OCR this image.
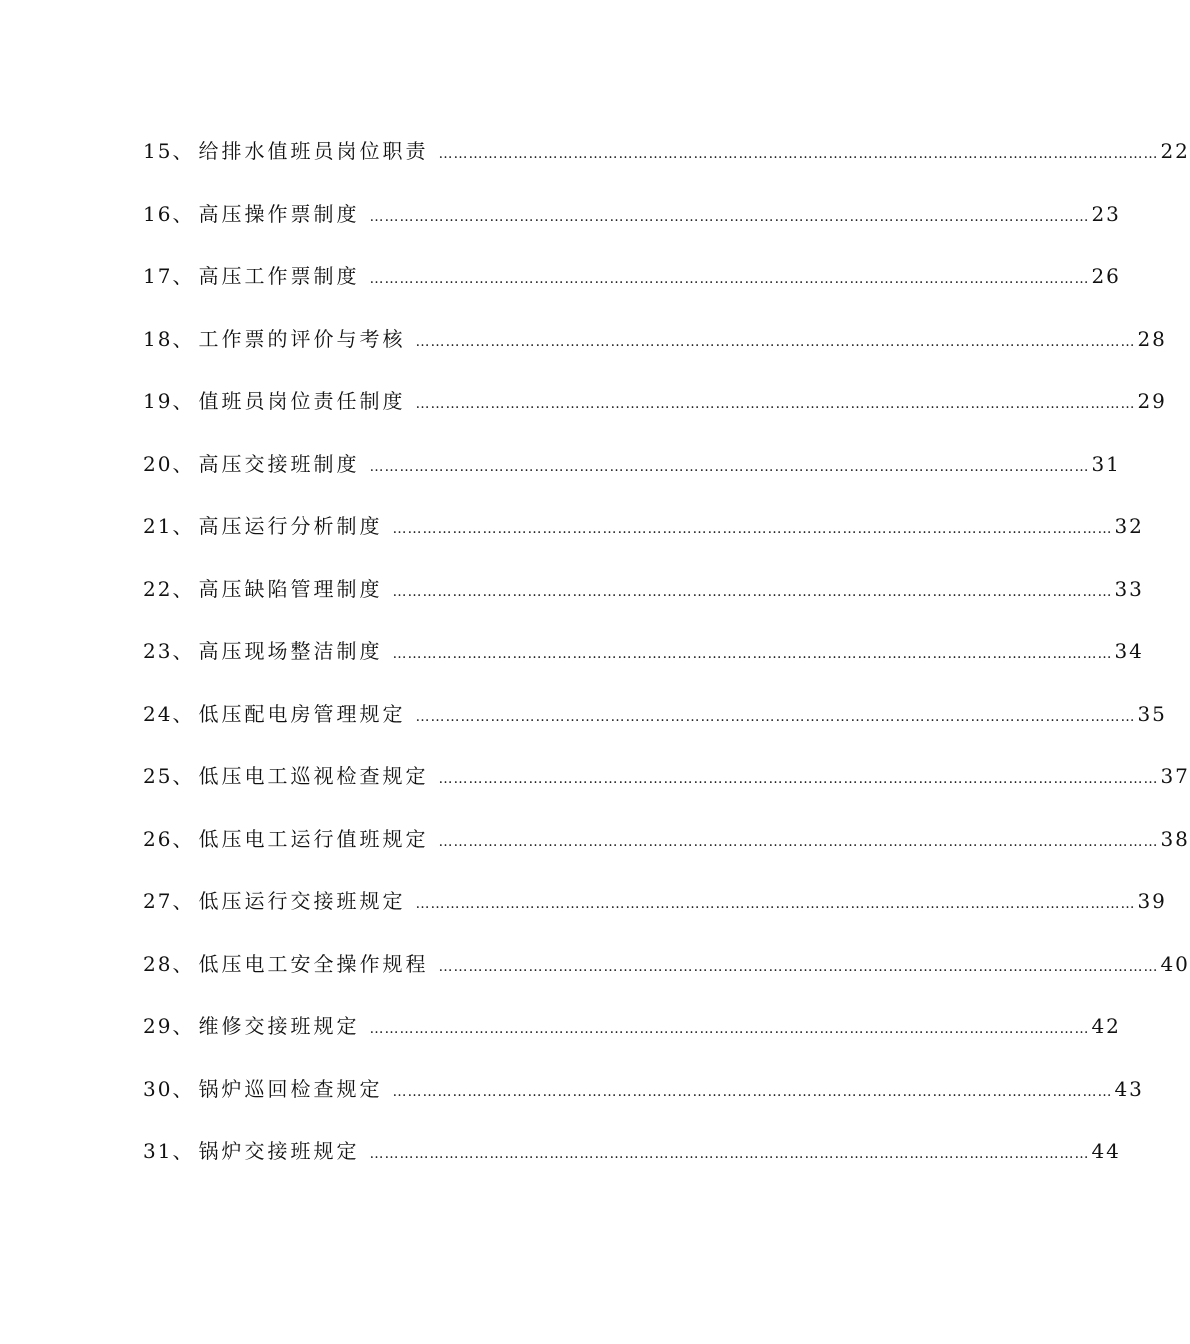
15 、 给排水值班员岗位职责 ……………………………………………………………………………………………………………………………… 22
16 、 高压操作票制度 ……………………………………………………………………………………………………………………………… 23
17 、 高压工作票制度 ……………………………………………………………………………………………………………………………… 26
18 、 工作票的评价与考核 ……………………………………………………………………………………………………………………………… 28
19 、 值班员岗位责任制度 ……………………………………………………………………………………………………………………………… 29
20 、 高压交接班制度 ……………………………………………………………………………………………………………………………… 31
21 、 高压运行分析制度 ……………………………………………………………………………………………………………………………… 32
22 、 高压缺陷管理制度 ……………………………………………………………………………………………………………………………… 33
23 、 高压现场整洁制度 ……………………………………………………………………………………………………………………………… 34
24 、 低压配电房管理规定 ……………………………………………………………………………………………………………………………… 35
25 、 低压电工巡视检查规定 ……………………………………………………………………………………………………………………………… 37
26 、 低压电工运行值班规定 ……………………………………………………………………………………………………………………………… 38
27 、 低压运行交接班规定 ……………………………………………………………………………………………………………………………… 39
28 、 低压电工安全操作规程 ……………………………………………………………………………………………………………………………… 40
29 、 维修交接班规定 ……………………………………………………………………………………………………………………………… 42
30 、 锅炉巡回检查规定 ……………………………………………………………………………………………………………………………… 43
31 、 锅炉交接班规定 ……………………………………………………………………………………………………………………………… 44
